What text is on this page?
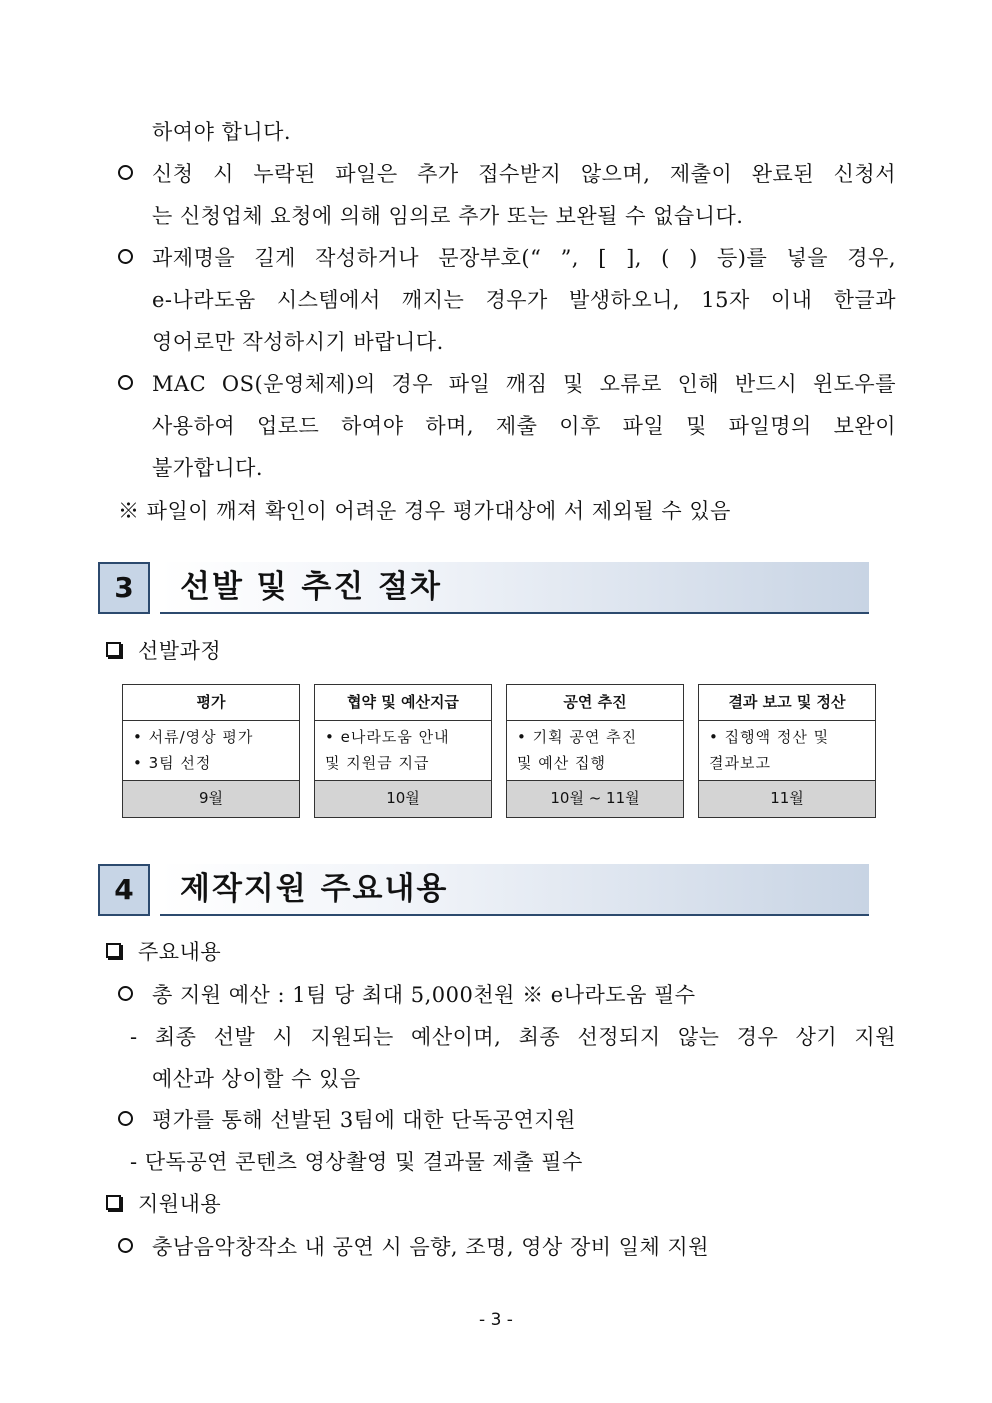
하여야 합니다.
신청 시 누락된 파일은 추가 접수받지 않으며, 제출이 완료된 신청서
는 신청업체 요청에 의해 임의로 추가 또는 보완될 수 없습니다.
과제명을 길게 작성하거나 문장부호(“ ”, [ ], ( ) 등)를 넣을 경우,
e-나라도움 시스템에서 깨지는 경우가 발생하오니, 15자 이내 한글과
영어로만 작성하시기 바랍니다.
MAC OS(운영체제)의 경우 파일 깨짐 및 오류로 인해 반드시 윈도우를
사용하여 업로드 하여야 하며, 제출 이후 파일 및 파일명의 보완이
불가합니다.
※ 파일이 깨져 확인이 어려운 경우 평가대상에 서 제외될 수 있음
3	선발 및 추진 절차
선발과정
평가
• 서류/영상 평가
• 3팀 선정
9월
협약 및 예산지급
• e나라도움 안내
및 지원금 지급
10월
공연 추진
• 기획 공연 추진
및 예산 집행
10월 ~ 11월
결과 보고 및 정산
• 집행액 정산 및
결과보고
11월
4	제작지원 주요내용
주요내용
총 지원 예산 : 1팀 당 최대 5,000천원 ※ e나라도움 필수
- 최종 선발 시 지원되는 예산이며, 최종 선정되지 않는 경우 상기 지원
예산과 상이할 수 있음
평가를 통해 선발된 3팀에 대한 단독공연지원
- 단독공연 콘텐츠 영상촬영 및 결과물 제출 필수
지원내용
충남음악창작소 내 공연 시 음향, 조명, 영상 장비 일체 지원
- 3 -
